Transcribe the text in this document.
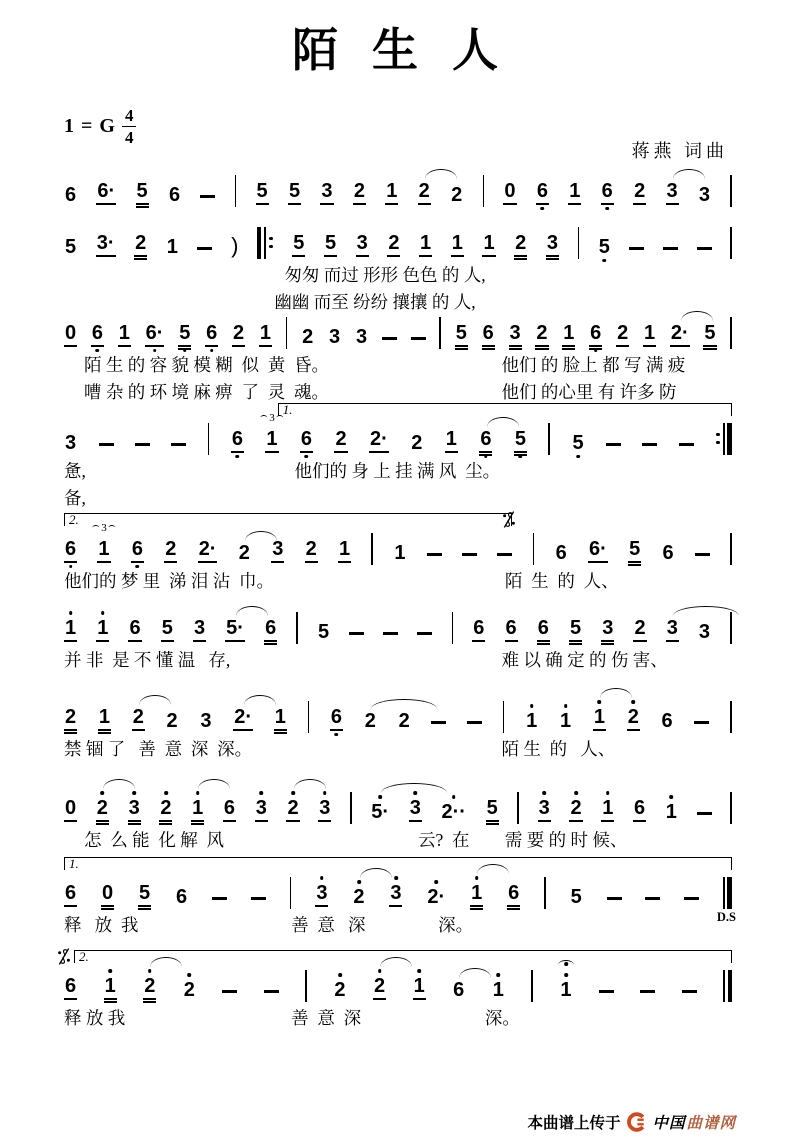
陌生人
1 = G $\frac{4}{4}$
蒋燕 词曲
6 6· 5 6	5 5 3 2 1 2 2 0 6 1 6 2 3 3
5 3· 2 1 )	5 5 3 2 1 1 1 2 3 5
匆匆 而过 形形 色色 的 人,
幽幽 而至 纷纷 攘攘 的 人,
0 6 1 6· 5 6 2 1 2 3 3	5 6 3 2 1 6 2 1 2· 5
陌 生 的 容 貌 模 糊  似  黄  昏。	他们 的 脸上 都 写 满 疲
嘈 杂 的 环 境 麻 痹  了  灵  魂。	他们 的心里 有 许多 防
1.
3	6 1
3
6 2 2· 2 1 6 5 5
惫,	他们的 身 上 挂 满 风  尘。
备,
2.
6 1
3
6 2 2· 2 3 2 1 1	6 6· 5 6
他们的 梦 里  涕 泪 沾  巾。	陌  生  的  人、
1 1 6 5 3 5· 6 5	6 6 6 5 3 2 3 3
并 非  是 不 懂 温   存,	难 以 确 定 的 伤 害、
2 1 2 2 3 2· 1 6 2 2	1 1 1 2 6
禁 锢 了   善  意  深  深。	陌 生  的   人、
0 2 3 2 1 6 3 2 3 5· 3 2·· 5 3 2 1 6 1
怎  么 能  化 解  风	云?  在 需 要 的 时 候、
1.
6 0 5 6	3 2 3 2· 1 6	5
D.S
释   放  我	善  意   深	深。
2.
6 1 2 2	2 2 1 6 1	1
释 放 我	善  意  深	深。
本曲谱上传于 中国曲谱网
